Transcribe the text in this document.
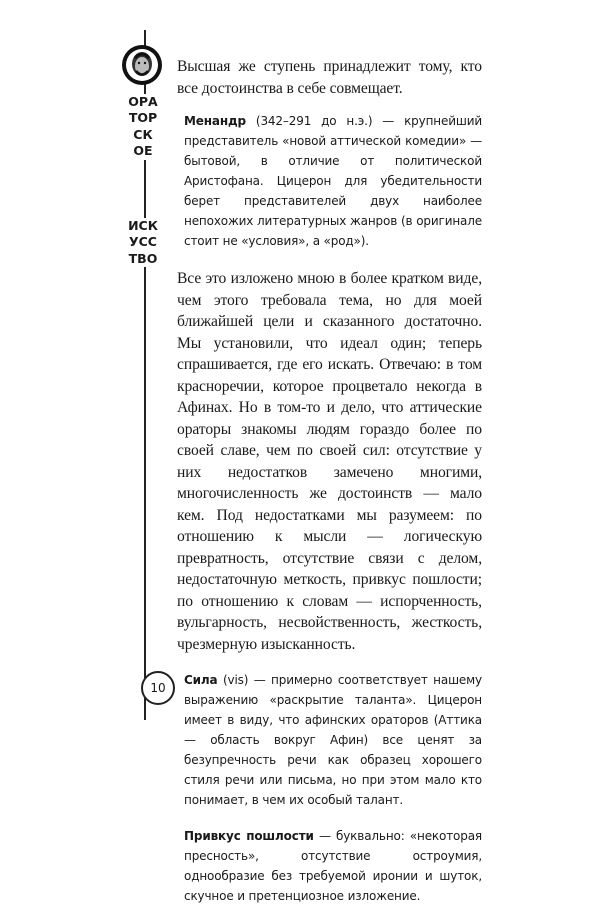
ОРАТОРСКОЕ
ИСКУССТВО
10

Высшая же ступень принадлежит тому, кто все достоинства в себе совмещает.

Менандр (342–291 до н.э.) — крупнейший представитель «новой аттической комедии» — бытовой, в отличие от политической Аристофана. Цицерон для убедительности берет представителей двух наиболее непохожих литературных жанров (в оригинале стоит не «условия», а «род»).

Все это изложено мною в более кратком виде, чем этого требовала тема, но для моей ближайшей цели и сказанного достаточно. Мы установили, что идеал один; теперь спрашивается, где его искать. Отвечаю: в том красноречии, которое процветало некогда в Афинах. Но в том-то и дело, что аттические ораторы знакомы людям гораздо более по своей славе, чем по своей сил: отсутствие у них недостатков замечено многими, многочисленность же достоинств — мало кем. Под недостатками мы разумеем: по отношению к мысли — логическую превратность, отсутствие связи с делом, недостаточную меткость, привкус пошлости; по отношению к словам — испорченность, вульгарность, несвойственность, жесткость, чрезмерную изысканность.

Сила (vis) — примерно соответствует нашему выражению «раскрытие таланта». Цицерон имеет в виду, что афинских ораторов (Аттика — область вокруг Афин) все ценят за безупречность речи как образец хорошего стиля речи или письма, но при этом мало кто понимает, в чем их особый талант.

Привкус пошлости — буквально: «некоторая пресность», отсутствие остроумия, однообразие без требуемой иронии и шуток, скучное и претенциозное изложение.
